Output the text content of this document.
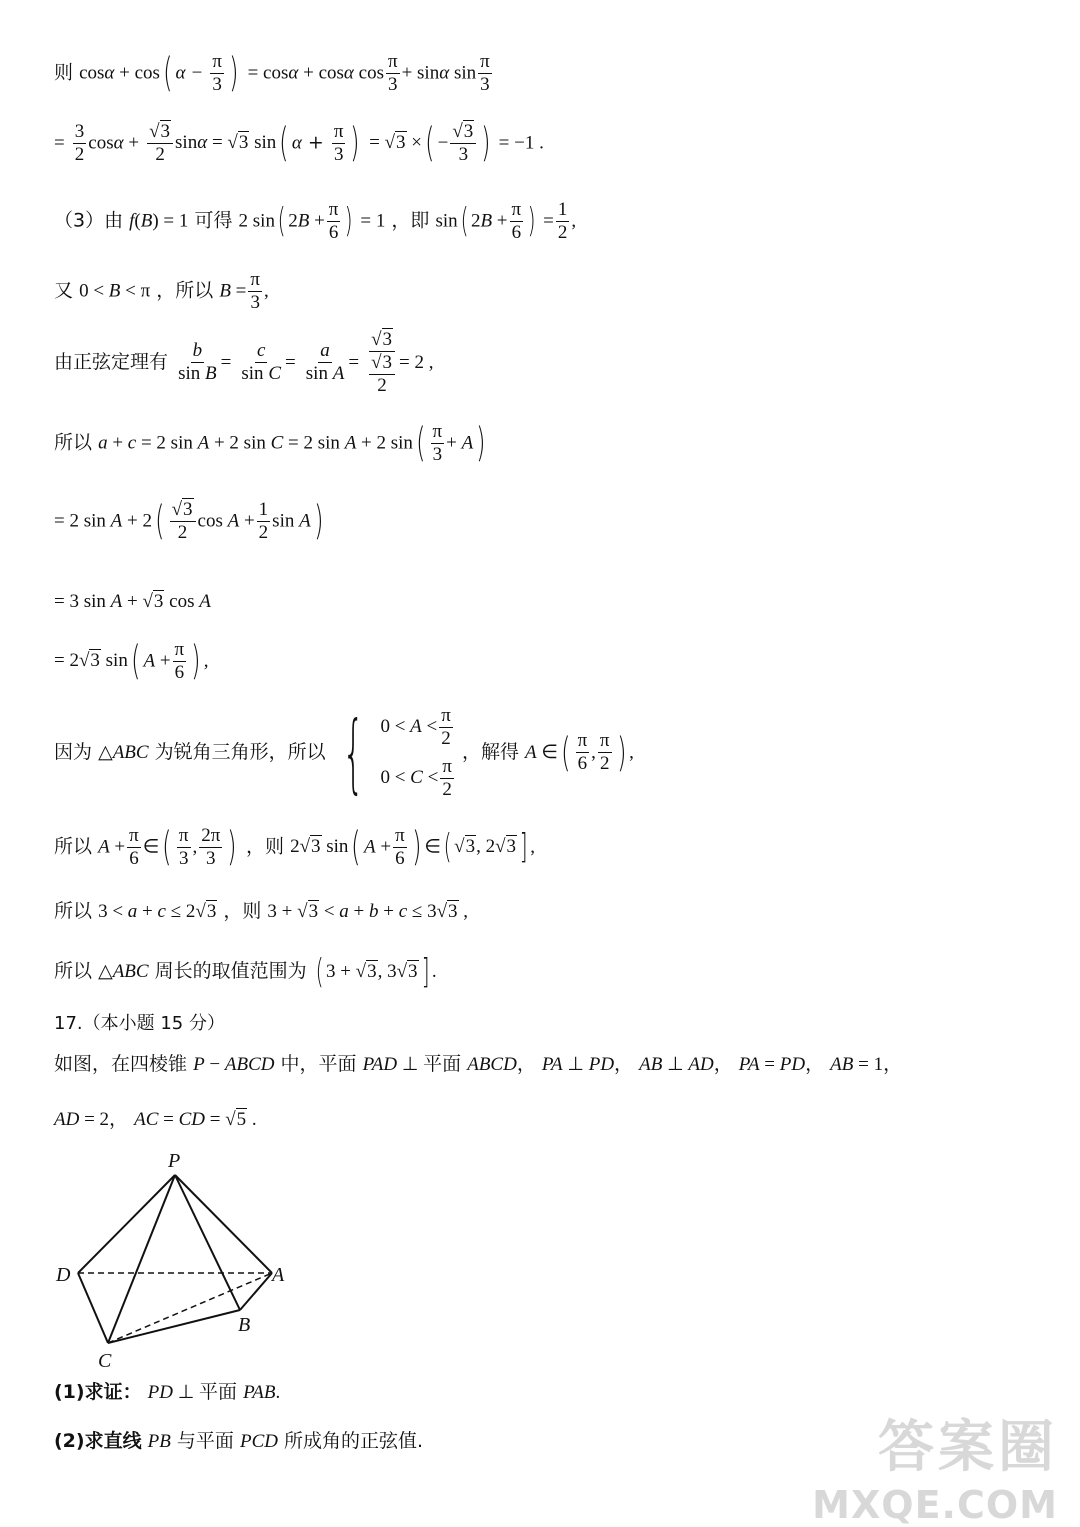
则 cosα + cos( $\alpha - \frac{\pi}{3}$ ) = cosα + cosα $\cos \frac{\pi}{3} + \sin\alpha$ $\sin \frac{\pi}{3}$
= $\frac{3}{2}$ $\cos\alpha + \frac{√3}{2}$ sinα = √3 sin( $\alpha + \frac{\pi}{3}$ ) = √3 ×( − $\frac{√3}{3}$ ) = −1 .
（3）由 f(B) = 1 可得 2 sin( $2B + \frac{\pi}{6}$ ) = 1 ，即 sin( $2B + \frac{\pi}{6}$ ) = $\frac{1}{2}$ ,
又 0 < B < π ，所以 $B = \frac{\pi}{3}$ ,
由正弦定理有 $\frac{b}{\text{sin B}} = \frac{c}{\text{sin C}} = \frac{a}{\text{sin A}} = \frac{√3}{\frac{√3}{2}} = 2$ ,
所以 a + c = 2 sin A + 2 sin C = 2 sin A + 2 $\sin( \frac{\pi}{3} + A)$
= 2 $\sin A + 2( \frac{√3}{2}$ $\cos A + \frac{1}{2}$ sin A)
= 3 sin A + √3 cos A
= 2√3 sin( $A + \frac{\pi}{6}$ ) ,
因为 △ABC 为锐角三角形，所以 { $0 < A < \frac{\pi}{2}$
$0 < C < \frac{\pi}{2}$
，解得 A ∈( $\frac{\pi}{6}$ , $\frac{\pi}{2}$ ) ,
所以 $A + \frac{\pi}{6}$ ∈( $\frac{\pi}{3}$ , $\frac{2\pi}{3}$ ) ，则 2√3 sin( $A + \frac{\pi}{6}$ ) ∈( √3, 2√3 ] ,
所以 3 < a + c ≤ 2√3 ，则 3 + √3 < a + b + c ≤ 3√3 ,
所以 △ABC 周长的取值范围为 ( 3 + √3, 3√3 ] .
17.（本小题 15 分）
如图，在四棱锥 P − ABCD 中，平面 PAD ⊥ 平面 ABCD， PA ⊥ PD， AB ⊥ AD， PA = PD， AB = 1，
AD = 2， AC = CD = √5 .
P
D	A
B
C
(1)求证： PD ⊥ 平面 PAB.
(2)求直线 PB 与平面 PCD 所成角的正弦值.	答案圈
MXQE.COM
